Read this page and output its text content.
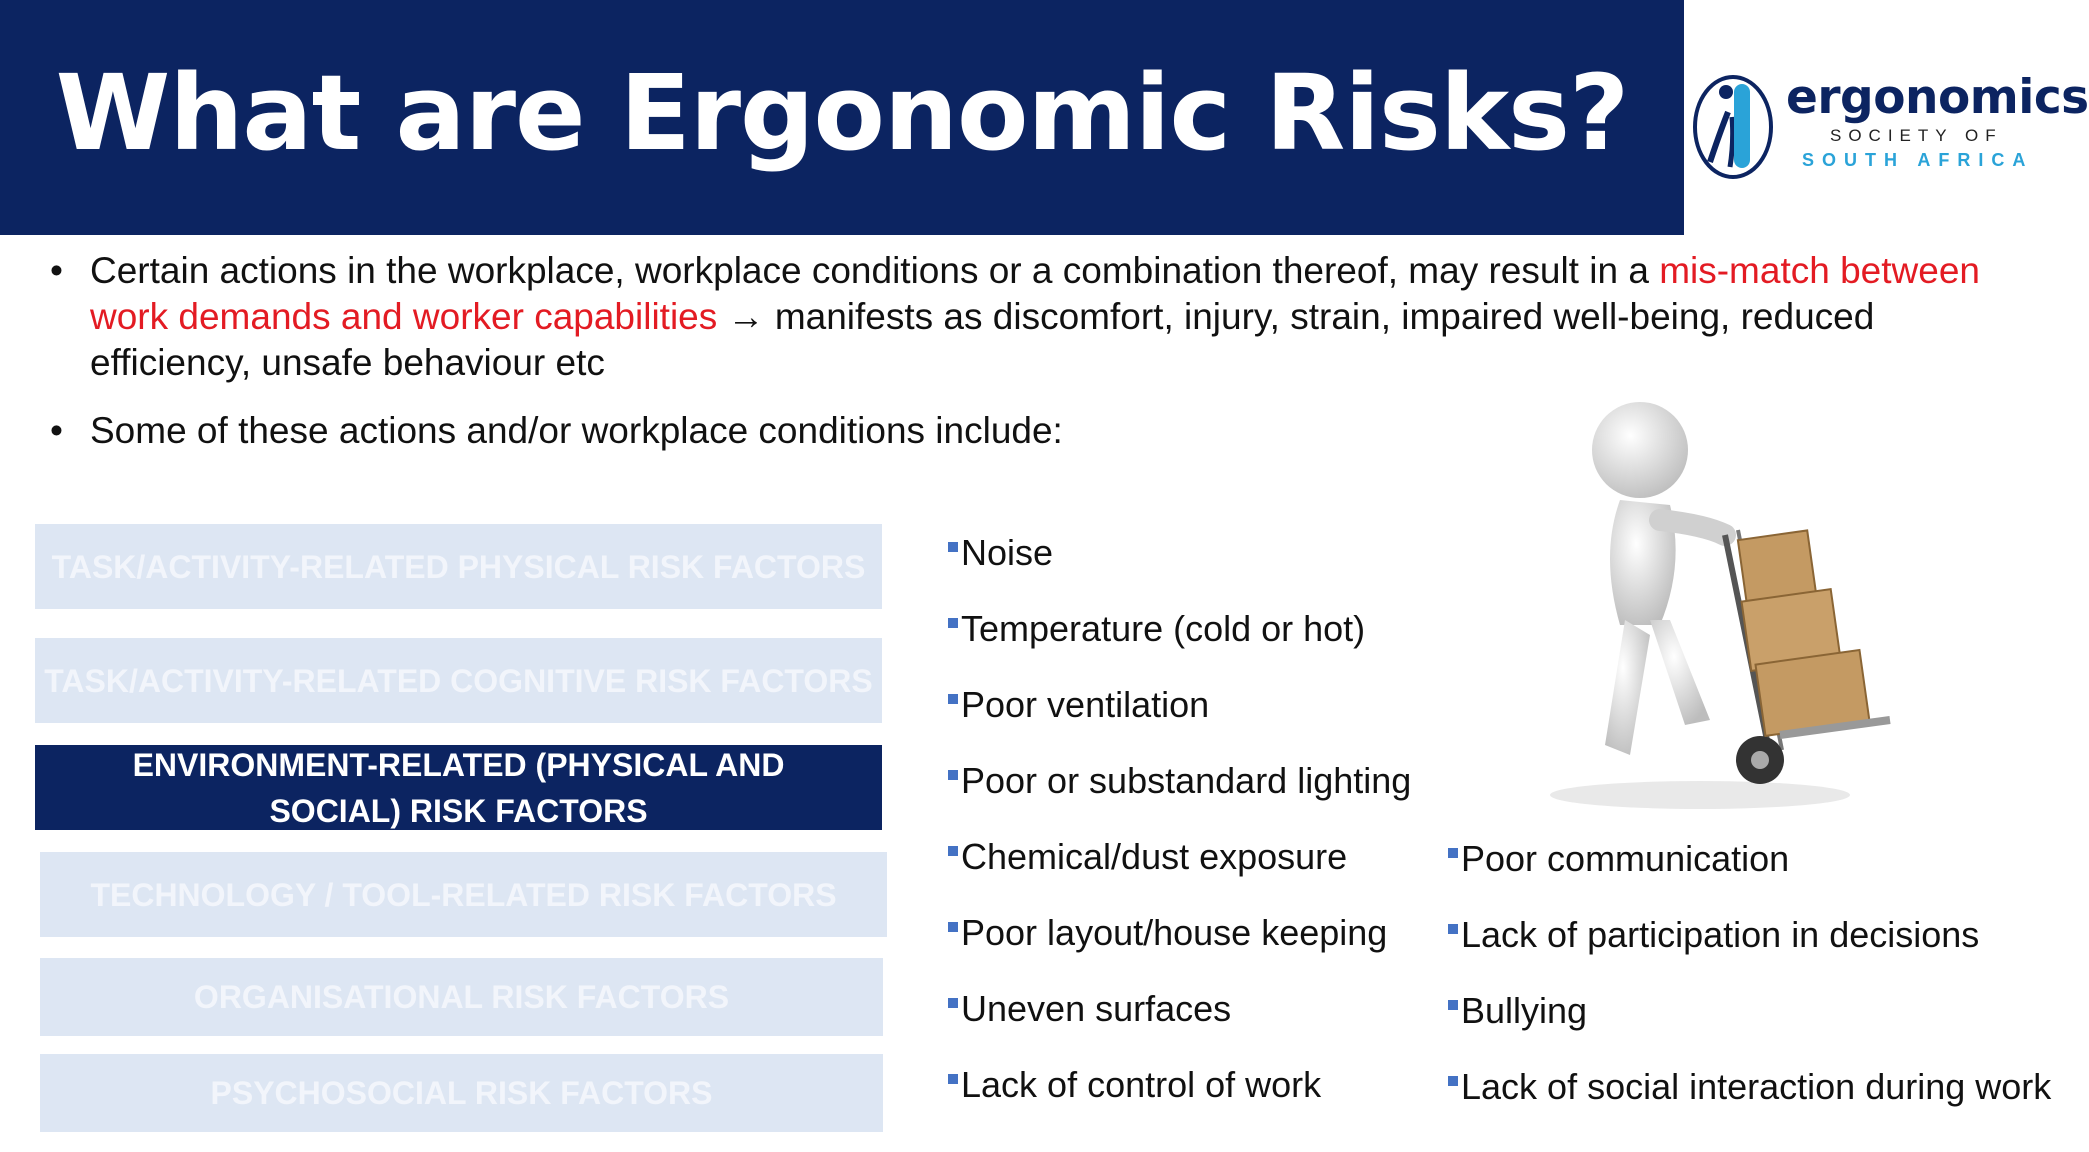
What are Ergonomic Risks?	ergonomics
SOCIETY OF
SOUTH AFRICA
• Certain actions in the workplace, workplace conditions or a combination thereof, may result in a mis-match between work demands and worker capabilities → manifests as discomfort, injury, strain, impaired well-being, reduced efficiency, unsafe behaviour etc
• Some of these actions and/or workplace conditions include:
TASK/ACTIVITY-RELATED PHYSICAL RISK FACTORS
TASK/ACTIVITY-RELATED COGNITIVE RISK FACTORS
ENVIRONMENT-RELATED (PHYSICAL AND SOCIAL) RISK FACTORS
TECHNOLOGY / TOOL-RELATED RISK FACTORS
ORGANISATIONAL RISK FACTORS
PSYCHOSOCIAL RISK FACTORS
Noise
Temperature (cold or hot)
Poor ventilation
Poor or substandard lighting
Chemical/dust exposure
Poor layout/house keeping
Uneven surfaces
Lack of control of work
Poor communication
Lack of participation in decisions
Bullying
Lack of social interaction during work
